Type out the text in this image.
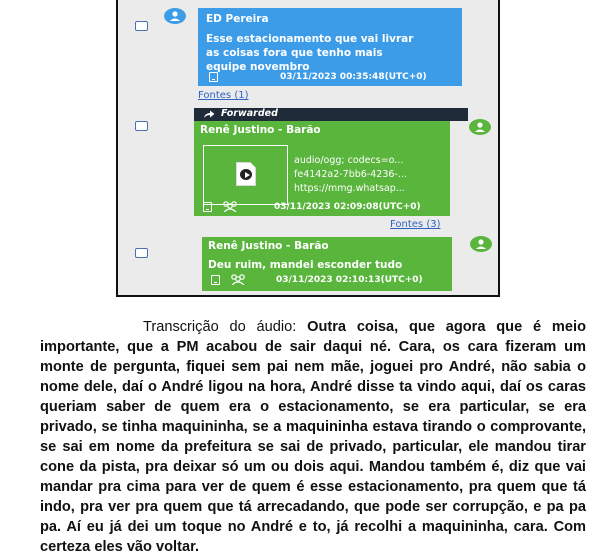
ED Pereira
Esse estacionamento que vai livrar
as coisas fora que tenho mais
equipe novembro
03/11/2023 00:35:48(UTC+0)
Fontes (1)
Forwarded
Renê Justino - Barão
audio/ogg; codecs=o...
fe4142a2-7bb6-4236-...
https://mmg.whatsap...
03/11/2023 02:09:08(UTC+0)
Fontes (3)
Renê Justino - Barão
Deu ruim, mandei esconder tudo
03/11/2023 02:10:13(UTC+0)
Transcrição do áudio: Outra coisa, que agora que é meio importante, que a PM acabou de sair daqui né. Cara, os cara fizeram um monte de pergunta, fiquei sem pai nem mãe, joguei pro André, não sabia o nome dele, daí o André ligou na hora, André disse ta vindo aqui, daí os caras queriam saber de quem era o estacionamento, se era particular, se era privado, se tinha maquininha, se a maquininha estava tirando o comprovante, se sai em nome da prefeitura se sai de privado, particular, ele mandou tirar cone da pista, pra deixar só um ou dois aqui. Mandou também é, diz que vai mandar pra cima para ver de quem é esse estacionamento, pra quem que tá indo, pra ver pra quem que tá arrecadando, que pode ser corrupção, e pa pa pa. Aí eu já dei um toque no André e to, já recolhi a maquininha, cara. Com certeza eles vão voltar.
